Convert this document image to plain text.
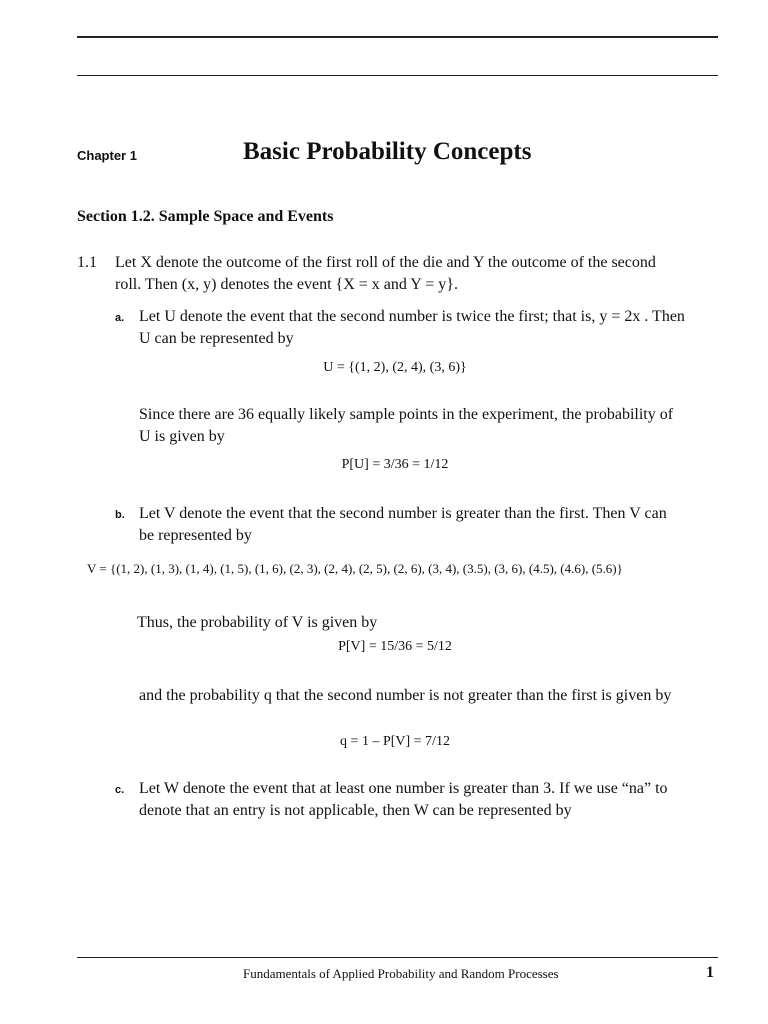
Chapter 1	Basic Probability Concepts
Section 1.2. Sample Space and Events
1.1 Let X denote the outcome of the first roll of the die and Y the outcome of the second
roll. Then (x, y) denotes the event {X = x and Y = y}.
a. Let U denote the event that the second number is twice the first; that is, y = 2x . Then
U can be represented by
U = {(1, 2), (2, 4), (3, 6)}
Since there are 36 equally likely sample points in the experiment, the probability of
U is given by
P[U] = 3/36 = 1/12
b. Let V denote the event that the second number is greater than the first. Then V can
be represented by
V = {(1, 2), (1, 3), (1, 4), (1, 5), (1, 6), (2, 3), (2, 4), (2, 5), (2, 6), (3, 4), (3.5), (3, 6), (4.5), (4.6), (5.6)}
Thus, the probability of V is given by
P[V] = 15/36 = 5/12
and the probability q that the second number is not greater than the first is given by
q = 1 – P[V] = 7/12
c. Let W denote the event that at least one number is greater than 3. If we use “na” to
denote that an entry is not applicable, then W can be represented by
Fundamentals of Applied Probability and Random Processes	1
